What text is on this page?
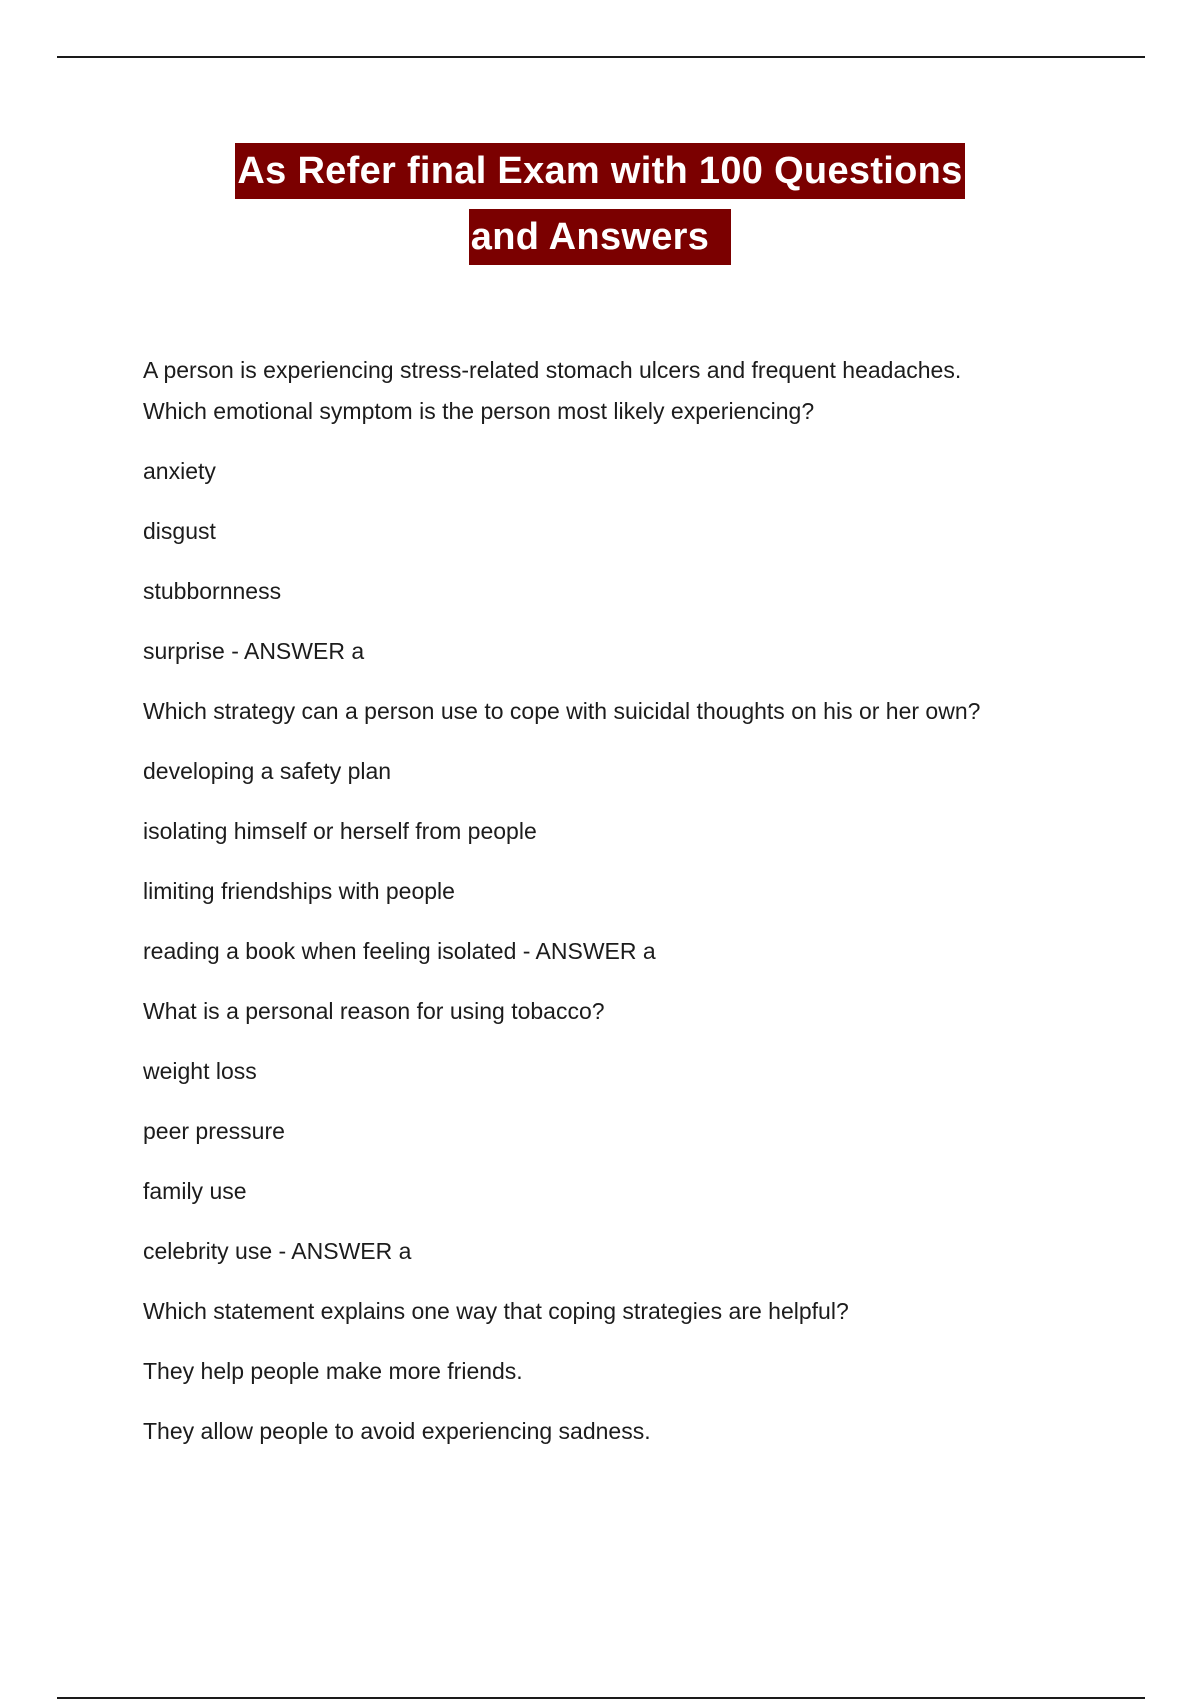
As Refer final Exam with 100 Questions
and Answers

A person is experiencing stress-related stomach ulcers and frequent headaches.
Which emotional symptom is the person most likely experiencing?

anxiety

disgust

stubbornness

surprise - ANSWER a

Which strategy can a person use to cope with suicidal thoughts on his or her own?

developing a safety plan

isolating himself or herself from people

limiting friendships with people

reading a book when feeling isolated - ANSWER a

What is a personal reason for using tobacco?

weight loss

peer pressure

family use

celebrity use - ANSWER a

Which statement explains one way that coping strategies are helpful?

They help people make more friends.

They allow people to avoid experiencing sadness.
